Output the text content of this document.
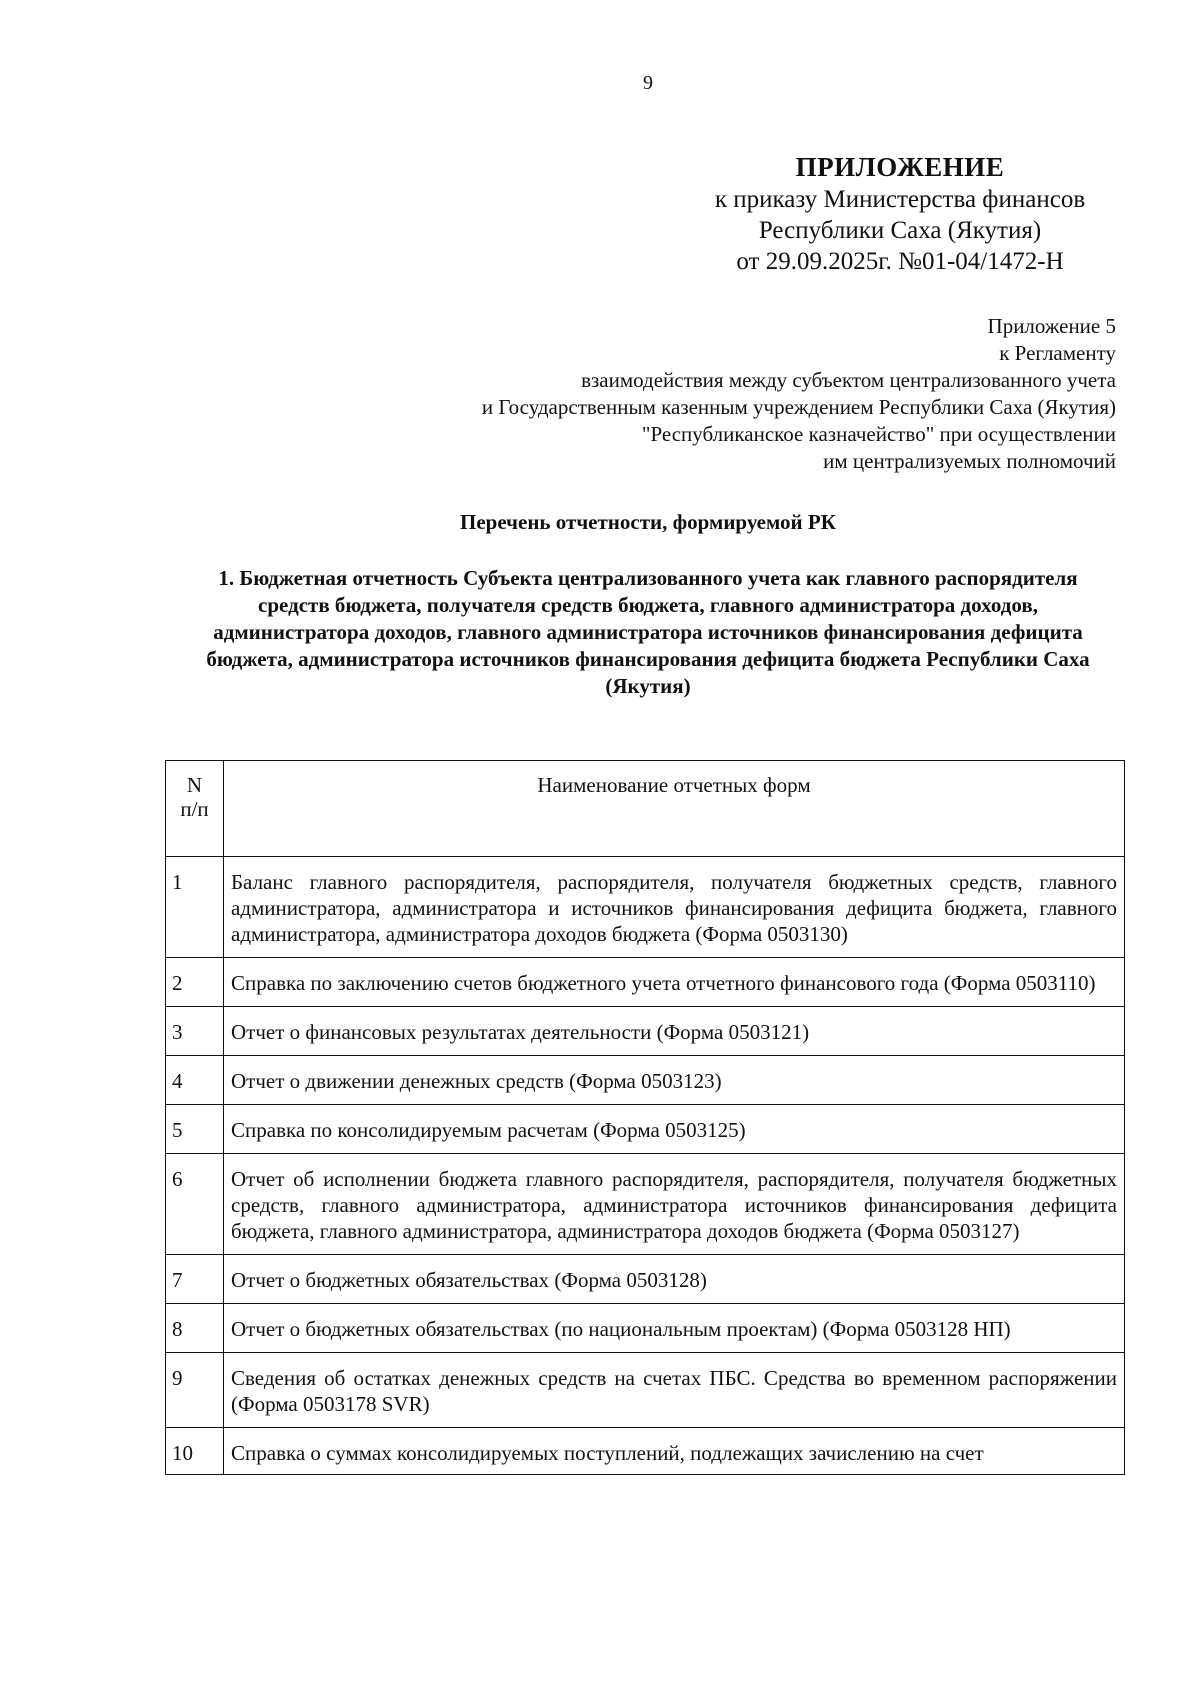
9
ПРИЛОЖЕНИЕ
к приказу Министерства финансов
Республики Саха (Якутия)
от 29.09.2025г. №01-04/1472-Н
Приложение 5
к Регламенту
взаимодействия между субъектом централизованного учета
и Государственным казенным учреждением Республики Саха (Якутия)
"Республиканское казначейство" при осуществлении
им централизуемых полномочий
Перечень отчетности, формируемой РК
1. Бюджетная отчетность Субъекта централизованного учета как главного распорядителя средств бюджета, получателя средств бюджета, главного администратора доходов, администратора доходов, главного администратора источников финансирования дефицита бюджета, администратора источников финансирования дефицита бюджета Республики Саха (Якутия)
N
п/п	Наименование отчетных форм
1	Баланс главного распорядителя, распорядителя, получателя бюджетных средств, главного администратора, администратора и источников финансирования дефицита бюджета, главного администратора, администратора доходов бюджета (Форма 0503130)
2	Справка по заключению счетов бюджетного учета отчетного финансового года (Форма 0503110)
3	Отчет о финансовых результатах деятельности (Форма 0503121)
4	Отчет о движении денежных средств (Форма 0503123)
5	Справка по консолидируемым расчетам (Форма 0503125)
6	Отчет об исполнении бюджета главного распорядителя, распорядителя, получателя бюджетных средств, главного администратора, администратора источников финансирования дефицита бюджета, главного администратора, администратора доходов бюджета (Форма 0503127)
7	Отчет о бюджетных обязательствах (Форма 0503128)
8	Отчет о бюджетных обязательствах (по национальным проектам) (Форма 0503128 НП)
9	Сведения об остатках денежных средств на счетах ПБС. Средства во временном распоряжении (Форма 0503178 SVR)
10	Справка о суммах консолидируемых поступлений, подлежащих зачислению на счет
